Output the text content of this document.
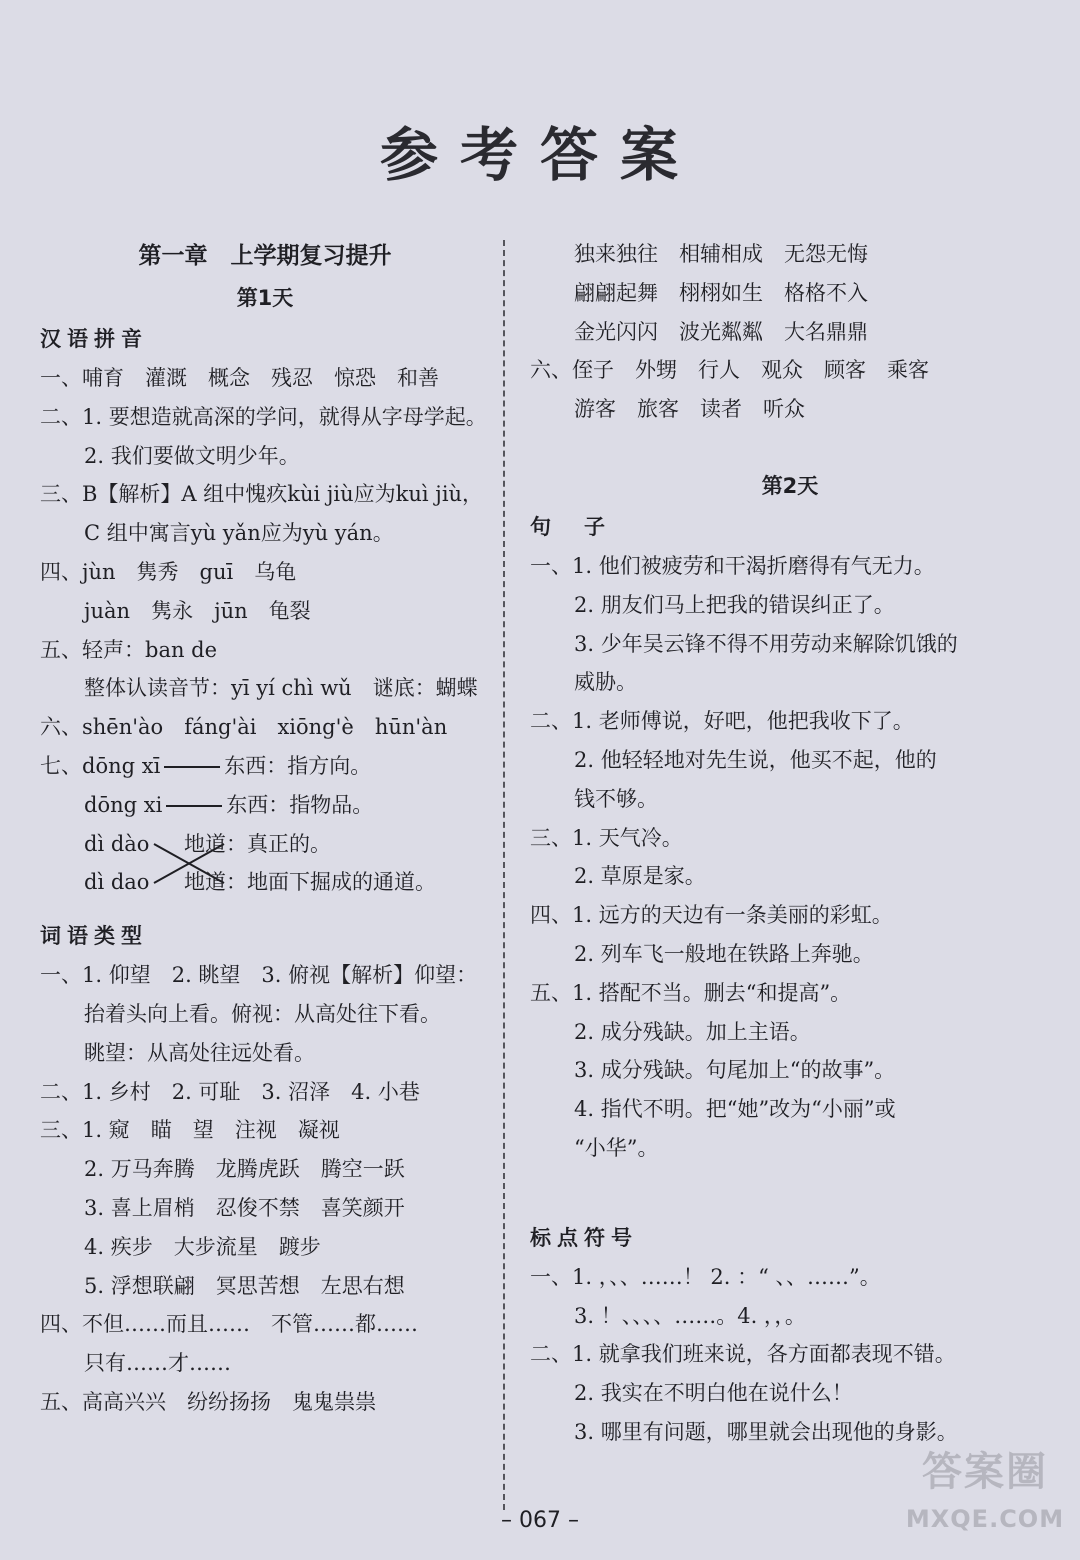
参考答案
第一章　上学期复习提升
第1天
汉语拼音
一、哺育　灌溉　概念　残忍　惊恐　和善
二、1. 要想造就高深的学问，就得从字母学起。
2. 我们要做文明少年。
三、B【解析】A 组中愧疚kùi jiù应为kuì jiù，
C 组中寓言yù yǎn应为yù yán。
四、jùn　隽秀　guī　乌龟
juàn　隽永　jūn　龟裂
五、轻声：ban de
整体认读音节：yī yí chì wǔ　谜底：蝴蝶
六、shēn'ào　fáng'ài　xiōng'è　hūn'àn
七、dōng xī	东西：指方向。
dōng xi	东西：指物品。
dì dào 地道：真正的。
dì dao 地道：地面下掘成的通道。
词语类型
一、1. 仰望　2. 眺望　3. 俯视【解析】仰望：
抬着头向上看。俯视：从高处往下看。
眺望：从高处往远处看。
二、1. 乡村　2. 可耻　3. 沼泽　4. 小巷
三、1. 窥　瞄　望　注视　凝视
2. 万马奔腾　龙腾虎跃　腾空一跃
3. 喜上眉梢　忍俊不禁　喜笑颜开
4. 疾步　大步流星　踱步
5. 浮想联翩　冥思苦想　左思右想
四、不但……而且……　不管……都……
只有……才……
五、高高兴兴　纷纷扬扬　鬼鬼祟祟
独来独往　相辅相成　无怨无悔
翩翩起舞　栩栩如生　格格不入
金光闪闪　波光粼粼　大名鼎鼎
六、侄子　外甥　行人　观众　顾客　乘客
游客　旅客　读者　听众
第2天
句　子
一、1. 他们被疲劳和干渴折磨得有气无力。
2. 朋友们马上把我的错误纠正了。
3. 少年吴云锋不得不用劳动来解除饥饿的
威胁。
二、1. 老师傅说，好吧，他把我收下了。
2. 他轻轻地对先生说，他买不起，他的
钱不够。
三、1. 天气冷。
2. 草原是家。
四、1. 远方的天边有一条美丽的彩虹。
2. 列车飞一般地在铁路上奔驰。
五、1. 搭配不当。删去“和提高”。
2. 成分残缺。加上主语。
3. 成分残缺。句尾加上“的故事”。
4. 指代不明。把“她”改为“小丽”或
“小华”。
标点符号
一、1. ，、、……！ 2. ：“ 、、……”。
3. ！、、、、……。4. ，，。
二、1. 就拿我们班来说，各方面都表现不错。
2. 我实在不明白他在说什么！
3. 哪里有问题，哪里就会出现他的身影。
– 067 –
答案圈
MXQE.COM
